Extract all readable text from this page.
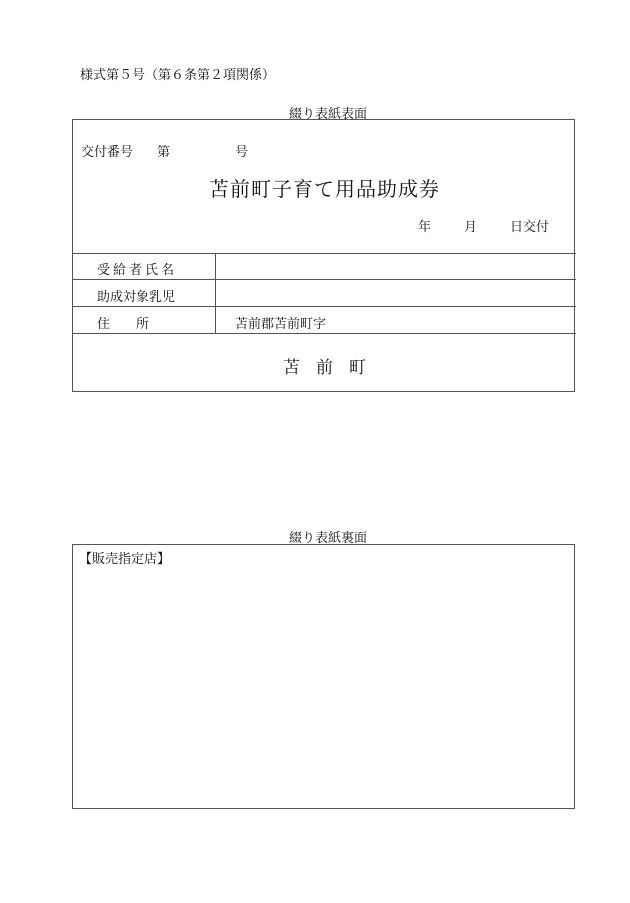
様式第５号（第６条第２項関係）
綴り表紙表面
交付番号 第	号
苫前町子育て用品助成券
年	月	日交付
受給者氏名
助成対象乳児
住　　所	苫前郡苫前町字
苫前町
綴り表紙裏面
【販売指定店】
